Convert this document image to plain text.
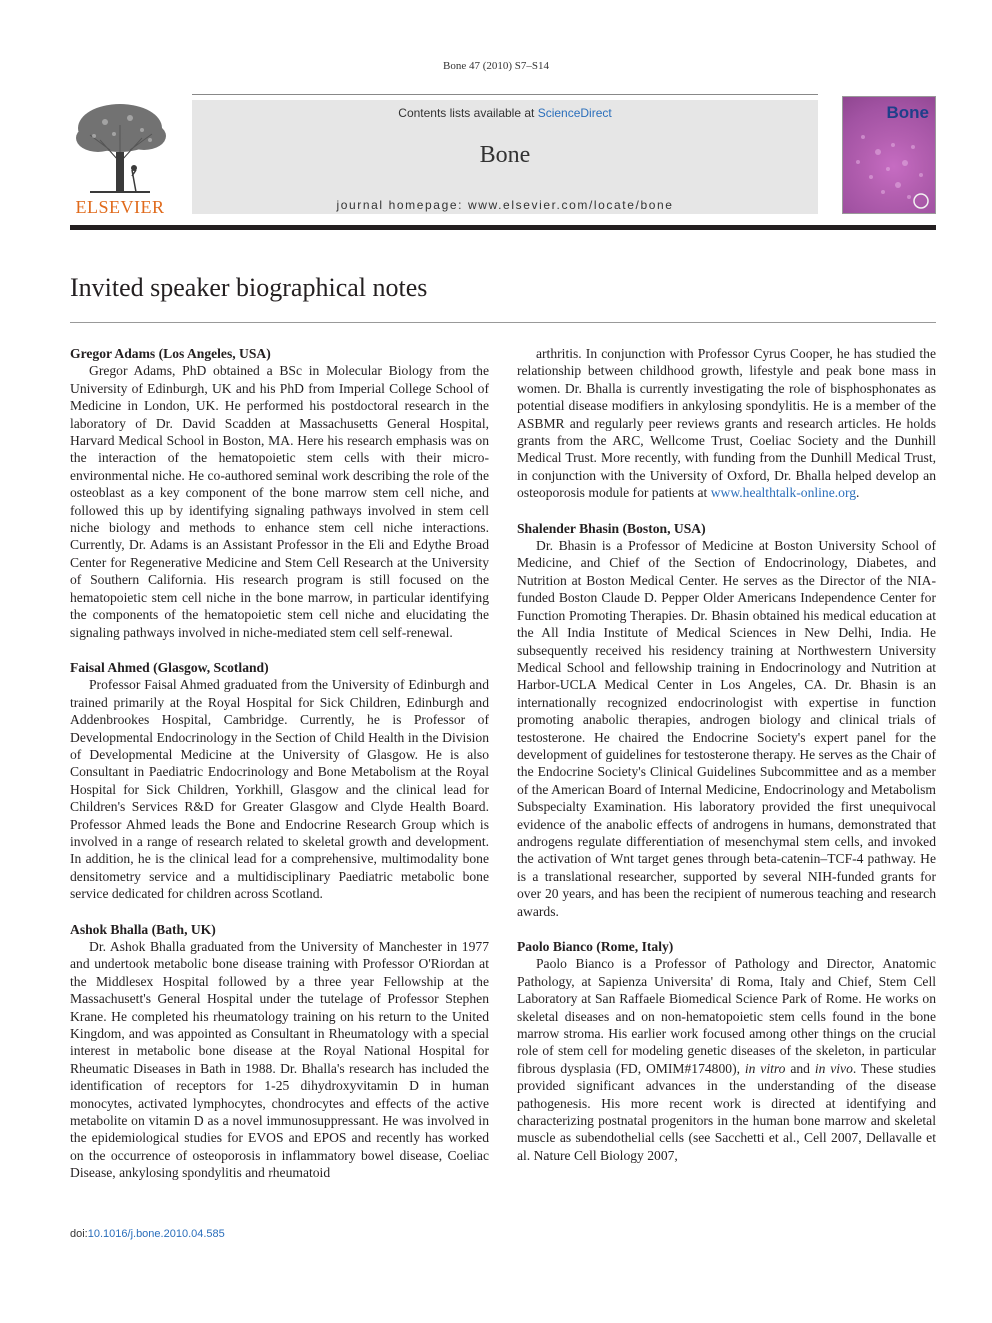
Bone 47 (2010) S7–S14
ELSEVIER
Contents lists available at ScienceDirect
Bone
journal homepage: www.elsevier.com/locate/bone
Bone
Invited speaker biographical notes
Gregor Adams (Los Angeles, USA)

Gregor Adams, PhD obtained a BSc in Molecular Biology from the University of Edinburgh, UK and his PhD from Imperial College School of Medicine in London, UK. He performed his postdoctoral research in the laboratory of Dr. David Scadden at Massachusetts General Hospital, Harvard Medical School in Boston, MA. Here his research emphasis was on the interaction of the hematopoietic stem cells with their micro-environmental niche. He co-authored seminal work describing the role of the osteoblast as a key component of the bone marrow stem cell niche, and followed this up by identifying signaling pathways involved in stem cell niche biology and methods to enhance stem cell niche interactions. Currently, Dr. Adams is an Assistant Professor in the Eli and Edythe Broad Center for Regenerative Medicine and Stem Cell Research at the University of Southern California. His research program is still focused on the hematopoietic stem cell niche in the bone marrow, in particular identifying the components of the hematopoietic stem cell niche and elucidating the signaling pathways involved in niche-mediated stem cell self-renewal.

Faisal Ahmed (Glasgow, Scotland)

Professor Faisal Ahmed graduated from the University of Edinburgh and trained primarily at the Royal Hospital for Sick Children, Edinburgh and Addenbrookes Hospital, Cambridge. Currently, he is Professor of Developmental Endocrinology in the Section of Child Health in the Division of Developmental Medicine at the University of Glasgow. He is also Consultant in Paediatric Endocrinology and Bone Metabolism at the Royal Hospital for Sick Children, Yorkhill, Glasgow and the clinical lead for Children's Services R&D for Greater Glasgow and Clyde Health Board. Professor Ahmed leads the Bone and Endocrine Research Group which is involved in a range of research related to skeletal growth and development. In addition, he is the clinical lead for a comprehensive, multimodality bone densitometry service and a multidisciplinary Paediatric metabolic bone service dedicated for children across Scotland.

Ashok Bhalla (Bath, UK)

Dr. Ashok Bhalla graduated from the University of Manchester in 1977 and undertook metabolic bone disease training with Professor O'Riordan at the Middlesex Hospital followed by a three year Fellowship at the Massachusett's General Hospital under the tutelage of Professor Stephen Krane. He completed his rheumatology training on his return to the United Kingdom, and was appointed as Consultant in Rheumatology with a special interest in metabolic bone disease at the Royal National Hospital for Rheumatic Diseases in Bath in 1988. Dr. Bhalla's research has included the identification of receptors for 1-25 dihydroxyvitamin D in human monocytes, activated lymphocytes, chondrocytes and effects of the active metabolite on vitamin D as a novel immunosuppressant. He was involved in the epidemiological studies for EVOS and EPOS and recently has worked on the occurrence of osteoporosis in inflammatory bowel disease, Coeliac Disease, ankylosing spondylitis and rheumatoid

arthritis. In conjunction with Professor Cyrus Cooper, he has studied the relationship between childhood growth, lifestyle and peak bone mass in women. Dr. Bhalla is currently investigating the role of bisphosphonates as potential disease modifiers in ankylosing spondylitis. He is a member of the ASBMR and regularly peer reviews grants and research articles. He holds grants from the ARC, Wellcome Trust, Coeliac Society and the Dunhill Medical Trust. More recently, with funding from the Dunhill Medical Trust, in conjunction with the University of Oxford, Dr. Bhalla helped develop an osteoporosis module for patients at www.healthtalk-online.org.

Shalender Bhasin (Boston, USA)

Dr. Bhasin is a Professor of Medicine at Boston University School of Medicine, and Chief of the Section of Endocrinology, Diabetes, and Nutrition at Boston Medical Center. He serves as the Director of the NIA-funded Boston Claude D. Pepper Older Americans Independence Center for Function Promoting Therapies. Dr. Bhasin obtained his medical education at the All India Institute of Medical Sciences in New Delhi, India. He subsequently received his residency training at Northwestern University Medical School and fellowship training in Endocrinology and Nutrition at Harbor-UCLA Medical Center in Los Angeles, CA. Dr. Bhasin is an internationally recognized endocrinologist with expertise in function promoting anabolic therapies, androgen biology and clinical trials of testosterone. He chaired the Endocrine Society's expert panel for the development of guidelines for testosterone therapy. He serves as the Chair of the Endocrine Society's Clinical Guidelines Subcommittee and as a member of the American Board of Internal Medicine, Endocrinology and Metabolism Subspecialty Examination. His laboratory provided the first unequivocal evidence of the anabolic effects of androgens in humans, demonstrated that androgens regulate differentiation of mesenchymal stem cells, and invoked the activation of Wnt target genes through beta-catenin–TCF-4 pathway. He is a translational researcher, supported by several NIH-funded grants for over 20 years, and has been the recipient of numerous teaching and research awards.

Paolo Bianco (Rome, Italy)

Paolo Bianco is a Professor of Pathology and Director, Anatomic Pathology, at Sapienza Universita' di Roma, Italy and Chief, Stem Cell Laboratory at San Raffaele Biomedical Science Park of Rome. He works on skeletal diseases and on non-hematopoietic stem cells found in the bone marrow stroma. His earlier work focused among other things on the crucial role of stem cell for modeling genetic diseases of the skeleton, in particular fibrous dysplasia (FD, OMIM#174800), in vitro and in vivo. These studies provided significant advances in the understanding of the disease pathogenesis. His more recent work is directed at identifying and characterizing postnatal progenitors in the human bone marrow and skeletal muscle as subendothelial cells (see Sacchetti et al., Cell 2007, Dellavalle et al. Nature Cell Biology 2007,

doi:10.1016/j.bone.2010.04.585
